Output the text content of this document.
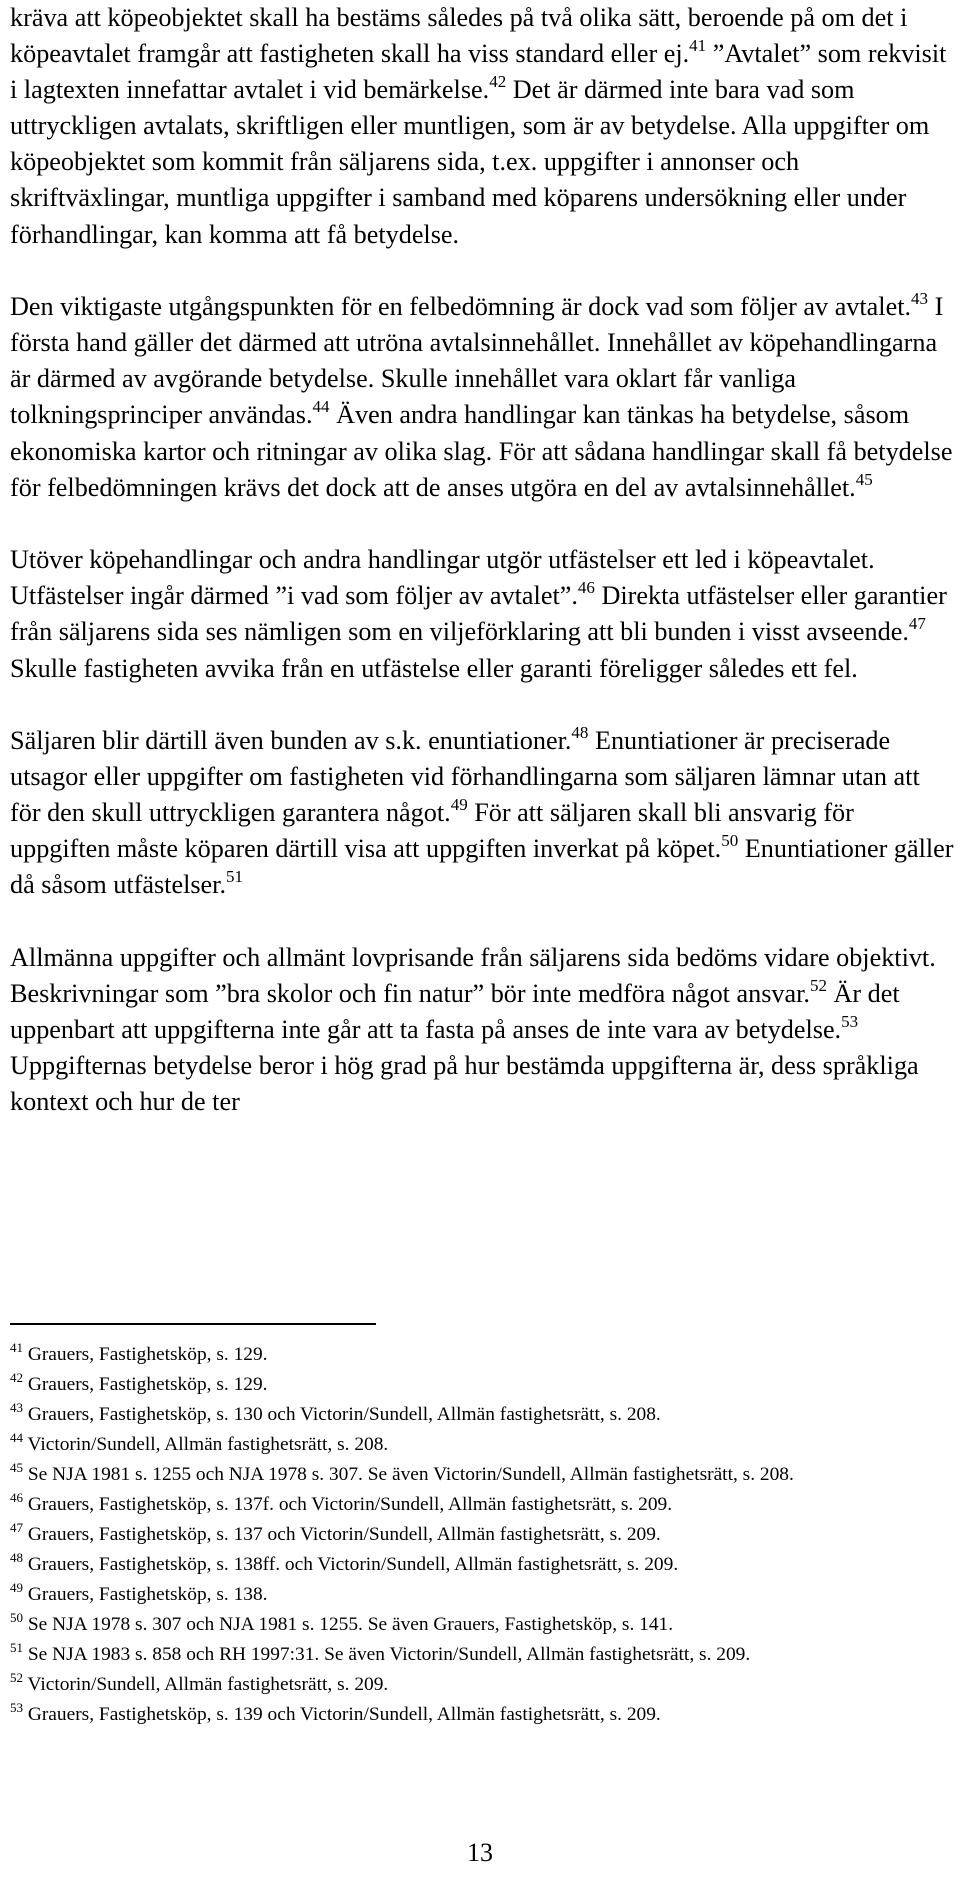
kräva att köpeobjektet skall ha bestäms således på två olika sätt, beroende på om det i köpeavtalet framgår att fastigheten skall ha viss standard eller ej.$^{41}$ ”Avtalet” som rekvisit i lagtexten innefattar avtalet i vid bemärkelse.$^{42}$ Det är därmed inte bara vad som uttryckligen avtalats, skriftligen eller muntligen, som är av betydelse. Alla uppgifter om köpeobjektet som kommit från säljarens sida, t.ex. uppgifter i annonser och skriftväxlingar, muntliga uppgifter i samband med köparens undersökning eller under förhandlingar, kan komma att få betydelse.

Den viktigaste utgångspunkten för en felbedömning är dock vad som följer av avtalet.$^{43}$ I första hand gäller det därmed att utröna avtalsinnehållet. Innehållet av köpehandlingarna är därmed av avgörande betydelse. Skulle innehållet vara oklart får vanliga tolkningsprinciper användas.$^{44}$ Även andra handlingar kan tänkas ha betydelse, såsom ekonomiska kartor och ritningar av olika slag. För att sådana handlingar skall få betydelse för felbedömningen krävs det dock att de anses utgöra en del av avtalsinnehållet.$^{45}$

Utöver köpehandlingar och andra handlingar utgör utfästelser ett led i köpeavtalet. Utfästelser ingår därmed ”i vad som följer av avtalet”.$^{46}$ Direkta utfästelser eller garantier från säljarens sida ses nämligen som en viljeförklaring att bli bunden i visst avseende.$^{47}$ Skulle fastigheten avvika från en utfästelse eller garanti föreligger således ett fel.

Säljaren blir därtill även bunden av s.k. enuntiationer.$^{48}$ Enuntiationer är preciserade utsagor eller uppgifter om fastigheten vid förhandlingarna som säljaren lämnar utan att för den skull uttryckligen garantera något.$^{49}$ För att säljaren skall bli ansvarig för uppgiften måste köparen därtill visa att uppgiften inverkat på köpet.$^{50}$ Enuntiationer gäller då såsom utfästelser.$^{51}$

Allmänna uppgifter och allmänt lovprisande från säljarens sida bedöms vidare objektivt. Beskrivningar som ”bra skolor och fin natur” bör inte medföra något ansvar.$^{52}$ Är det uppenbart att uppgifterna inte går att ta fasta på anses de inte vara av betydelse.$^{53}$ Uppgifternas betydelse beror i hög grad på hur bestämda uppgifterna är, dess språkliga kontext och hur de ter

$^{41}$ Grauers, Fastighetsköp, s. 129.

$^{42}$ Grauers, Fastighetsköp, s. 129.

$^{43}$ Grauers, Fastighetsköp, s. 130 och Victorin/Sundell, Allmän fastighetsrätt, s. 208.

$^{44}$ Victorin/Sundell, Allmän fastighetsrätt, s. 208.

$^{45}$ Se NJA 1981 s. 1255 och NJA 1978 s. 307. Se även Victorin/Sundell, Allmän fastighetsrätt, s. 208.

$^{46}$ Grauers, Fastighetsköp, s. 137f. och Victorin/Sundell, Allmän fastighetsrätt, s. 209.

$^{47}$ Grauers, Fastighetsköp, s. 137 och Victorin/Sundell, Allmän fastighetsrätt, s. 209.

$^{48}$ Grauers, Fastighetsköp, s. 138ff. och Victorin/Sundell, Allmän fastighetsrätt, s. 209.

$^{49}$ Grauers, Fastighetsköp, s. 138.

$^{50}$ Se NJA 1978 s. 307 och NJA 1981 s. 1255. Se även Grauers, Fastighetsköp, s. 141.

$^{51}$ Se NJA 1983 s. 858 och RH 1997:31. Se även Victorin/Sundell, Allmän fastighetsrätt, s. 209.

$^{52}$ Victorin/Sundell, Allmän fastighetsrätt, s. 209.

$^{53}$ Grauers, Fastighetsköp, s. 139 och Victorin/Sundell, Allmän fastighetsrätt, s. 209.

13
